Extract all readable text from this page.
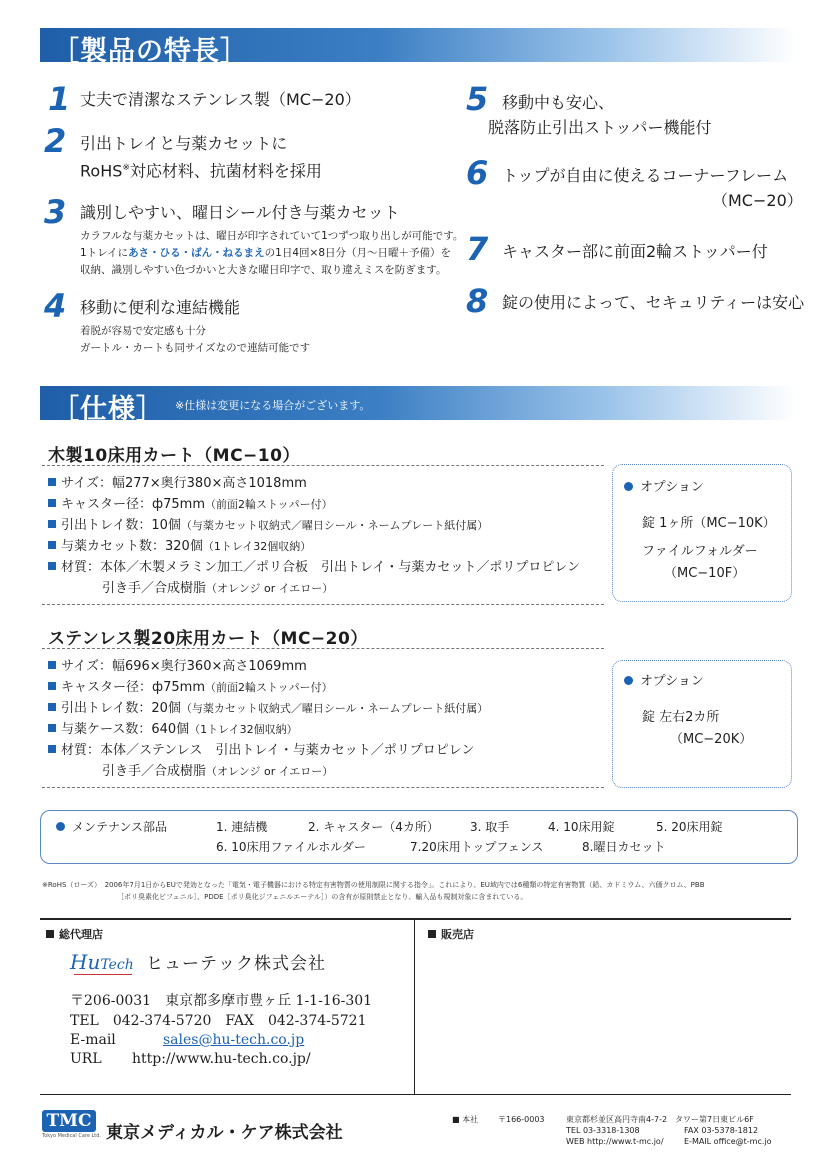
［製品の特長］
1 丈夫で清潔なステンレス製（MC−20）
2 引出トレイと与薬カセットに
RoHS※対応材料、抗菌材料を採用
3 識別しやすい、曜日シール付き与薬カセット
カラフルな与薬カセットは、曜日が印字されていて1つずつ取り出しが可能です。
1トレイにあさ・ひる・ばん・ねるまえの1日4回×8日分（月〜日曜＋予備）を
収納、識別しやすい色づかいと大きな曜日印字で、取り違えミスを防ぎます。
4 移動に便利な連結機能
着脱が容易で安定感も十分
ガートル・カートも同サイズなので連結可能です
5 移動中も安心、
脱落防止引出ストッパー機能付
6 トップが自由に使えるコーナーフレーム
（MC−20）
7 キャスター部に前面2輪ストッパー付
8 錠の使用によって、セキュリティーは安心
［仕様］ ※仕様は変更になる場合がございます。
木製10床用カート（MC−10）
サイズ：幅277×奥行380×高さ1018mm
キャスター径：ф75mm（前面2輪ストッパー付）
引出トレイ数：10個（与薬カセット収納式／曜日シール・ネームプレート紙付属）
与薬カセット数：320個（1トレイ32個収納）
材質：本体／木製メラミン加工／ポリ合板　引出トレイ・与薬カセット／ポリプロピレン
引き手／合成樹脂（オレンジ or イエロー）
オプション
錠 1ヶ所（MC−10K）
ファイルフォルダー
（MC−10F）
ステンレス製20床用カート（MC−20）
サイズ：幅696×奥行360×高さ1069mm
キャスター径：ф75mm（前面2輪ストッパー付）
引出トレイ数：20個（与薬カセット収納式／曜日シール・ネームプレート紙付属）
与薬ケース数：640個（1トレイ32個収納）
材質：本体／ステンレス　引出トレイ・与薬カセット／ポリプロピレン
引き手／合成樹脂（オレンジ or イエロー）
オプション
錠 左右2カ所
（MC−20K）
メンテナンス部品	1. 連結機	2. キャスター（4カ所）	3. 取手	4. 10床用錠	5. 20床用錠
6. 10床用ファイルホルダー	7.20床用トップフェンス	8.曜日カセット
※RoHS（ローズ）　 2006年7月1日からEUで発効となった「電気・電子機器における特定有害物質の使用制限に関する指令」。これにより、EU域内では6種類の特定有害物質（鉛、カドミウム、六価クロム、PBB
［ポリ臭素化ビフェニル］、PDDE［ポリ臭化ジフェニルエーテル］）の含有が原則禁止となり、輸入品も規制対象に含まれている。
総代理店	販売店
HuTech ヒューテック株式会社
〒206-0031　東京都多摩市豊ヶ丘 1-1-16-301
TEL　042-374-5720　FAX　042-374-5721
E-mail	sales@hu-tech.co.jp
URL http://www.hu-tech.co.jp/
TMC
Tokyo Medical Care Ltd. 東京メディカル・ケア株式会社
■ 本社 〒166-0003	東京都杉並区高円寺南4-7-2　タワー第7日東ビル6F
TEL 03-3318-1308	FAX 03-5378-1812
WEB http://www.t-mc.jo/	E-MAIL office@t-mc.jo
